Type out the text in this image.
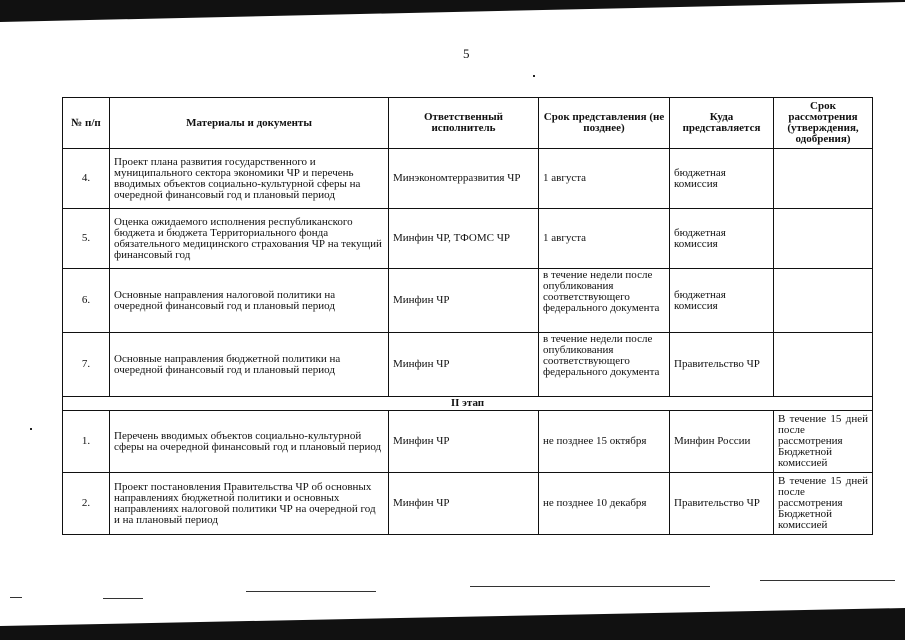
5
№ п/п	Материалы и документы	Ответственный исполнитель	Срок представления (не позднее)	Куда представляется	Срок рассмотрения (утверждения, одобрения)
4.	Проект плана развития государственного и муниципального сектора экономики ЧР и перечень вводимых объектов социально-культурной сферы на очередной финансовый год и плановый период	Минэкономтерразвития ЧР	1 августа	бюджетная комиссия	
5.	Оценка ожидаемого исполнения республиканского бюджета и бюджета Территориального фонда обязательного медицинского страхования ЧР на текущий финансовый год	Минфин ЧР, ТФОМС ЧР	1 августа	бюджетная комиссия	
6.	Основные направления налоговой политики на очередной финансовый год и плановый период	Минфин ЧР	в течение недели после опубликования соответствующего федерального документа	бюджетная комиссия	
7.	Основные направления бюджетной политики на очередной финансовый год и плановый период	Минфин ЧР	в течение недели после опубликования соответствующего федерального документа	Правительство ЧР	
II этап					
1.	Перечень вводимых объектов социально-культурной сферы на очередной финансовый год и плановый период	Минфин ЧР	не позднее 15 октября	Минфин России	В течение 15 дней после рассмотрения Бюджетной комиссией
2.	Проект постановления Правительства ЧР об основных направлениях бюджетной политики и основных направлениях налоговой политики ЧР на очередной год и на плановый период	Минфин ЧР	не позднее 10 декабря	Правительство ЧР	В течение 15 дней после рассмотрения Бюджетной комиссией
